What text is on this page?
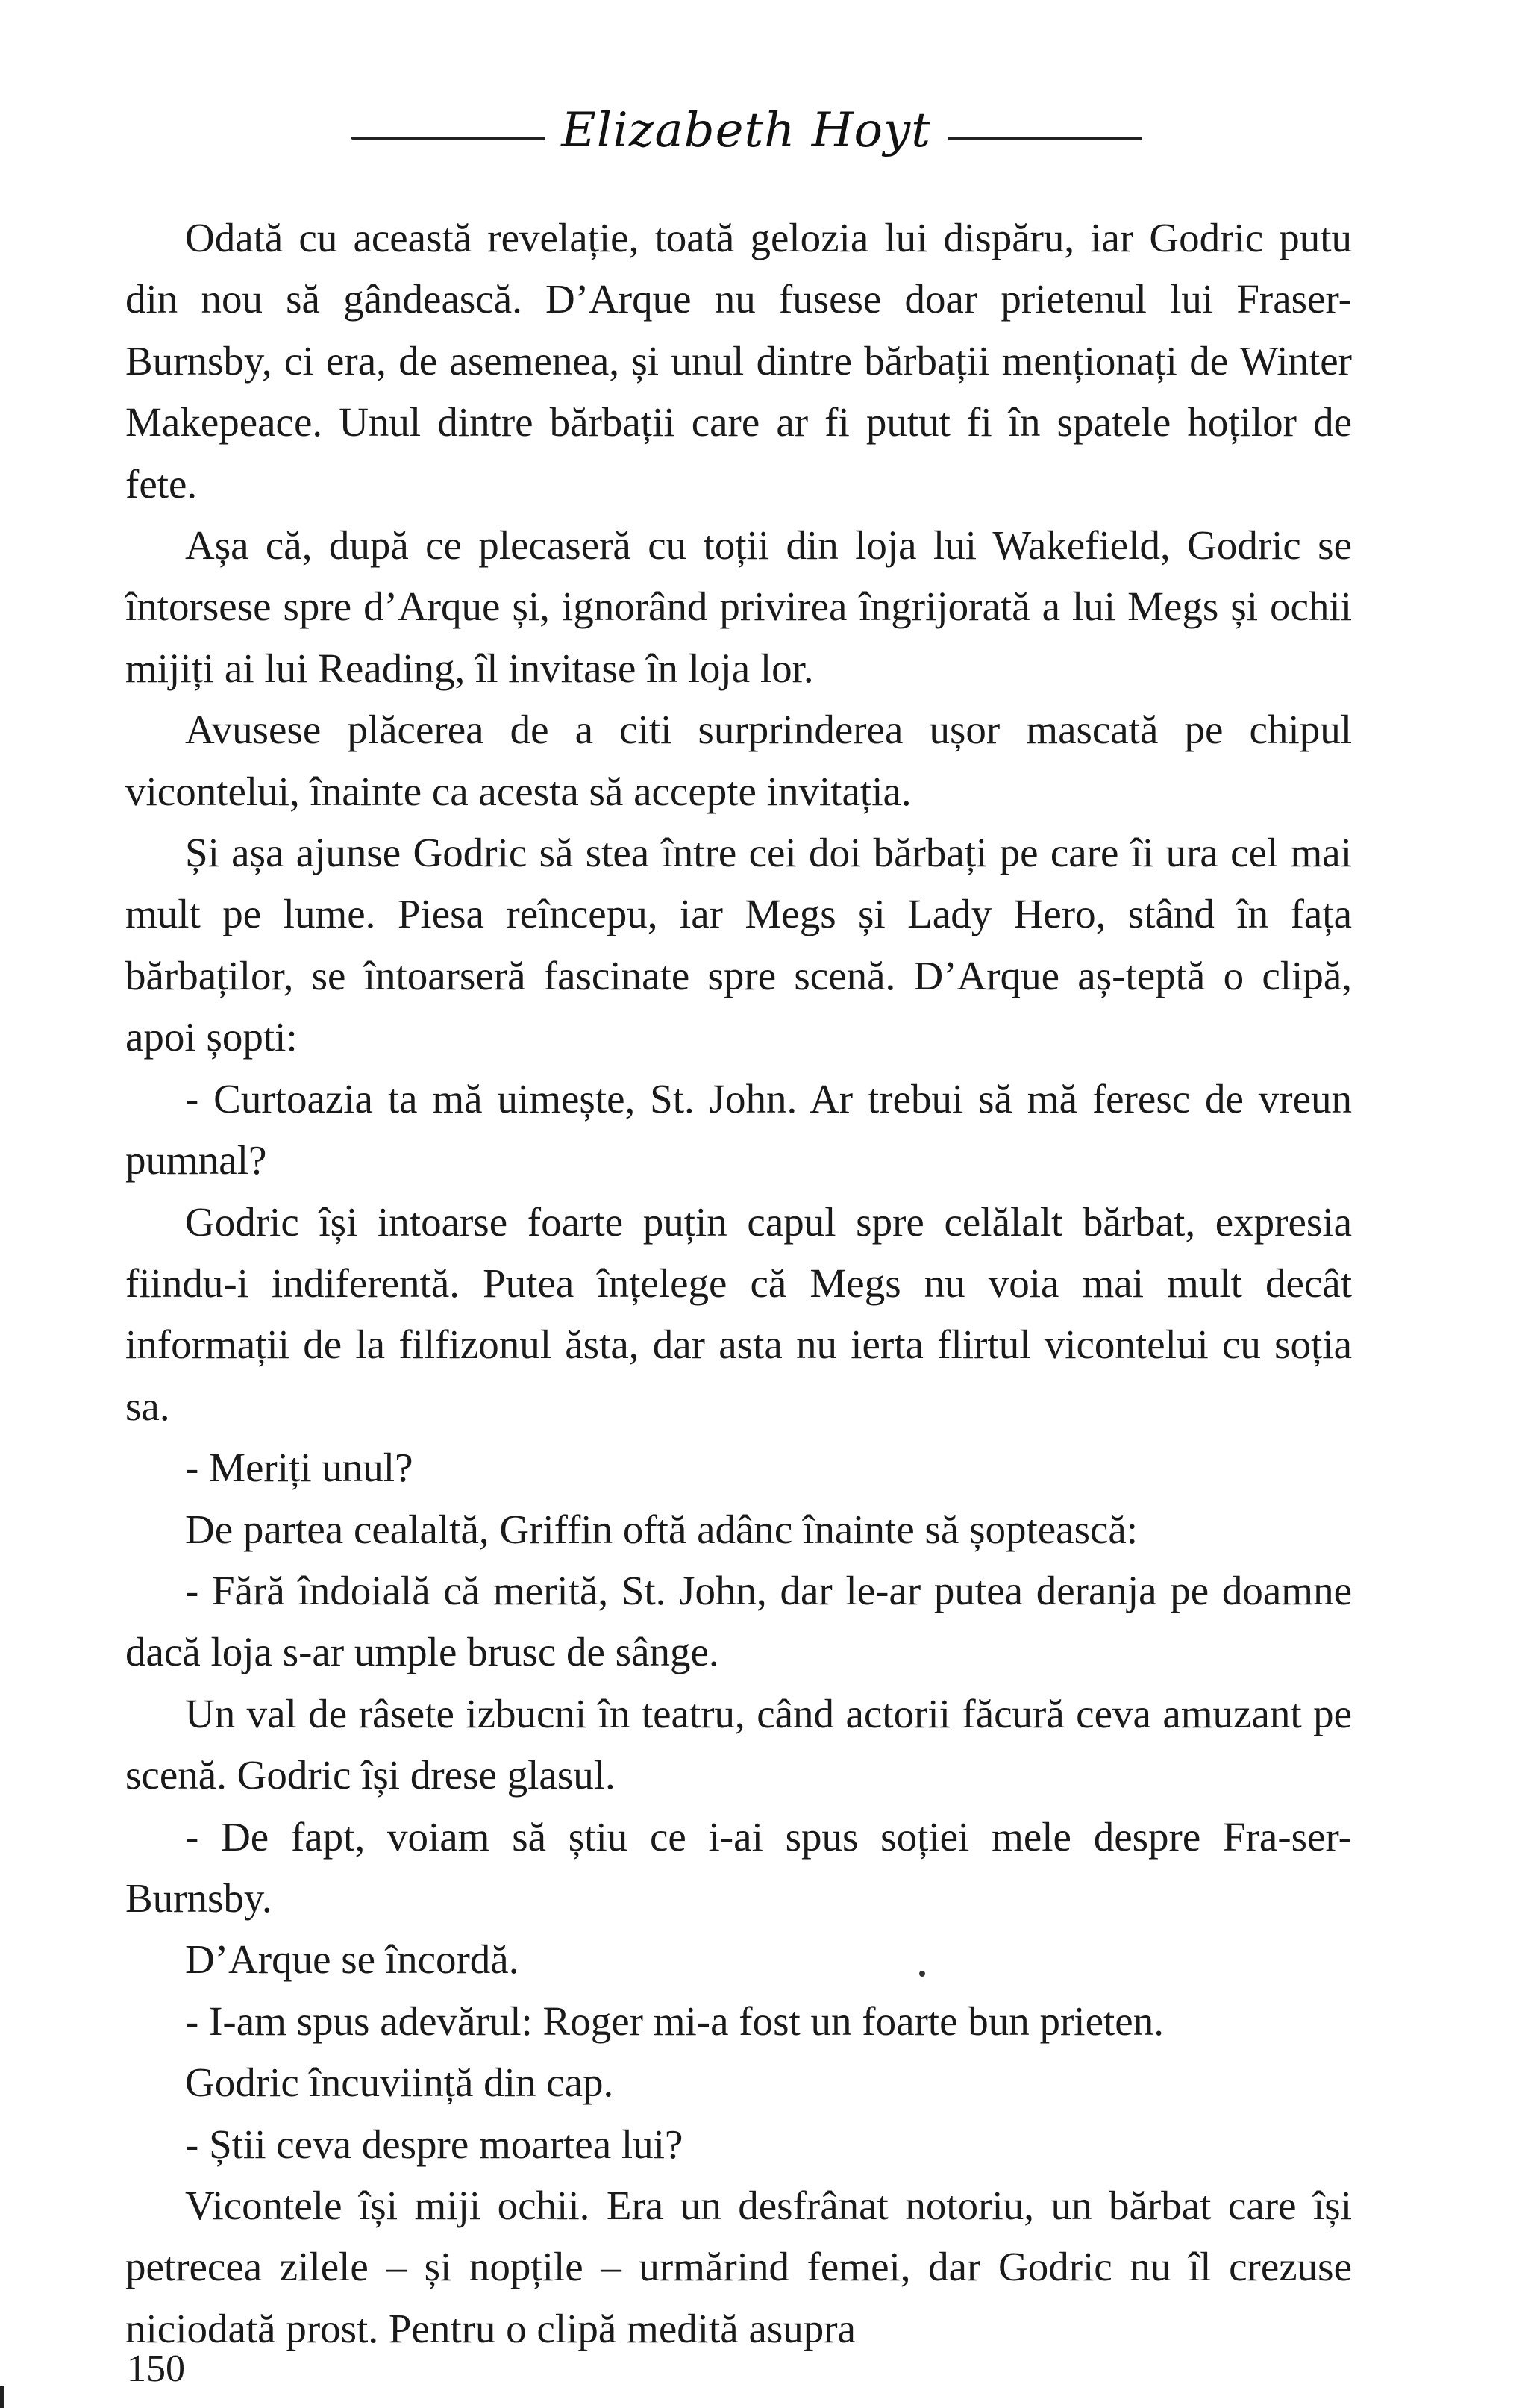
Elizabeth Hoyt

Odată cu această revelație, toată gelozia lui dispăru, iar Godric putu din nou să gândească. D’Arque nu fusese doar prietenul lui Fraser-Burnsby, ci era, de asemenea, și unul dintre bărbații menționați de Winter Makepeace. Unul dintre bărbații care ar fi putut fi în spatele hoților de fete.

Așa că, după ce plecaseră cu toții din loja lui Wakefield, Godric se întorsese spre d’Arque și, ignorând privirea îngrijorată a lui Megs și ochii mijiți ai lui Reading, îl invitase în loja lor.

Avusese plăcerea de a citi surprinderea ușor mascată pe chipul vicontelui, înainte ca acesta să accepte invitația.

Și așa ajunse Godric să stea între cei doi bărbați pe care îi ura cel mai mult pe lume. Piesa reîncepu, iar Megs și Lady Hero, stând în fața bărbaților, se întoarseră fascinate spre scenă. D’Arque aș-teptă o clipă, apoi șopti:

- Curtoazia ta mă uimește, St. John. Ar trebui să mă feresc de vreun pumnal?

Godric își intoarse foarte puțin capul spre celălalt bărbat, expresia fiindu-i indiferentă. Putea înțelege că Megs nu voia mai mult decât informații de la filfizonul ăsta, dar asta nu ierta flirtul vicontelui cu soția sa.

- Meriți unul?

De partea cealaltă, Griffin oftă adânc înainte să șoptească:

- Fără îndoială că merită, St. John, dar le-ar putea deranja pe doamne dacă loja s-ar umple brusc de sânge.

Un val de râsete izbucni în teatru, când actorii făcură ceva amuzant pe scenă. Godric își drese glasul.

- De fapt, voiam să știu ce i-ai spus soției mele despre Fra-ser-Burnsby.

D’Arque se încordă.

- I-am spus adevărul: Roger mi-a fost un foarte bun prieten.

Godric încuviință din cap.

- Știi ceva despre moartea lui?

Vicontele își miji ochii. Era un desfrânat notoriu, un bărbat care își petrecea zilele – și nopțile – urmărind femei, dar Godric nu îl crezuse niciodată prost. Pentru o clipă medită asupra

150
